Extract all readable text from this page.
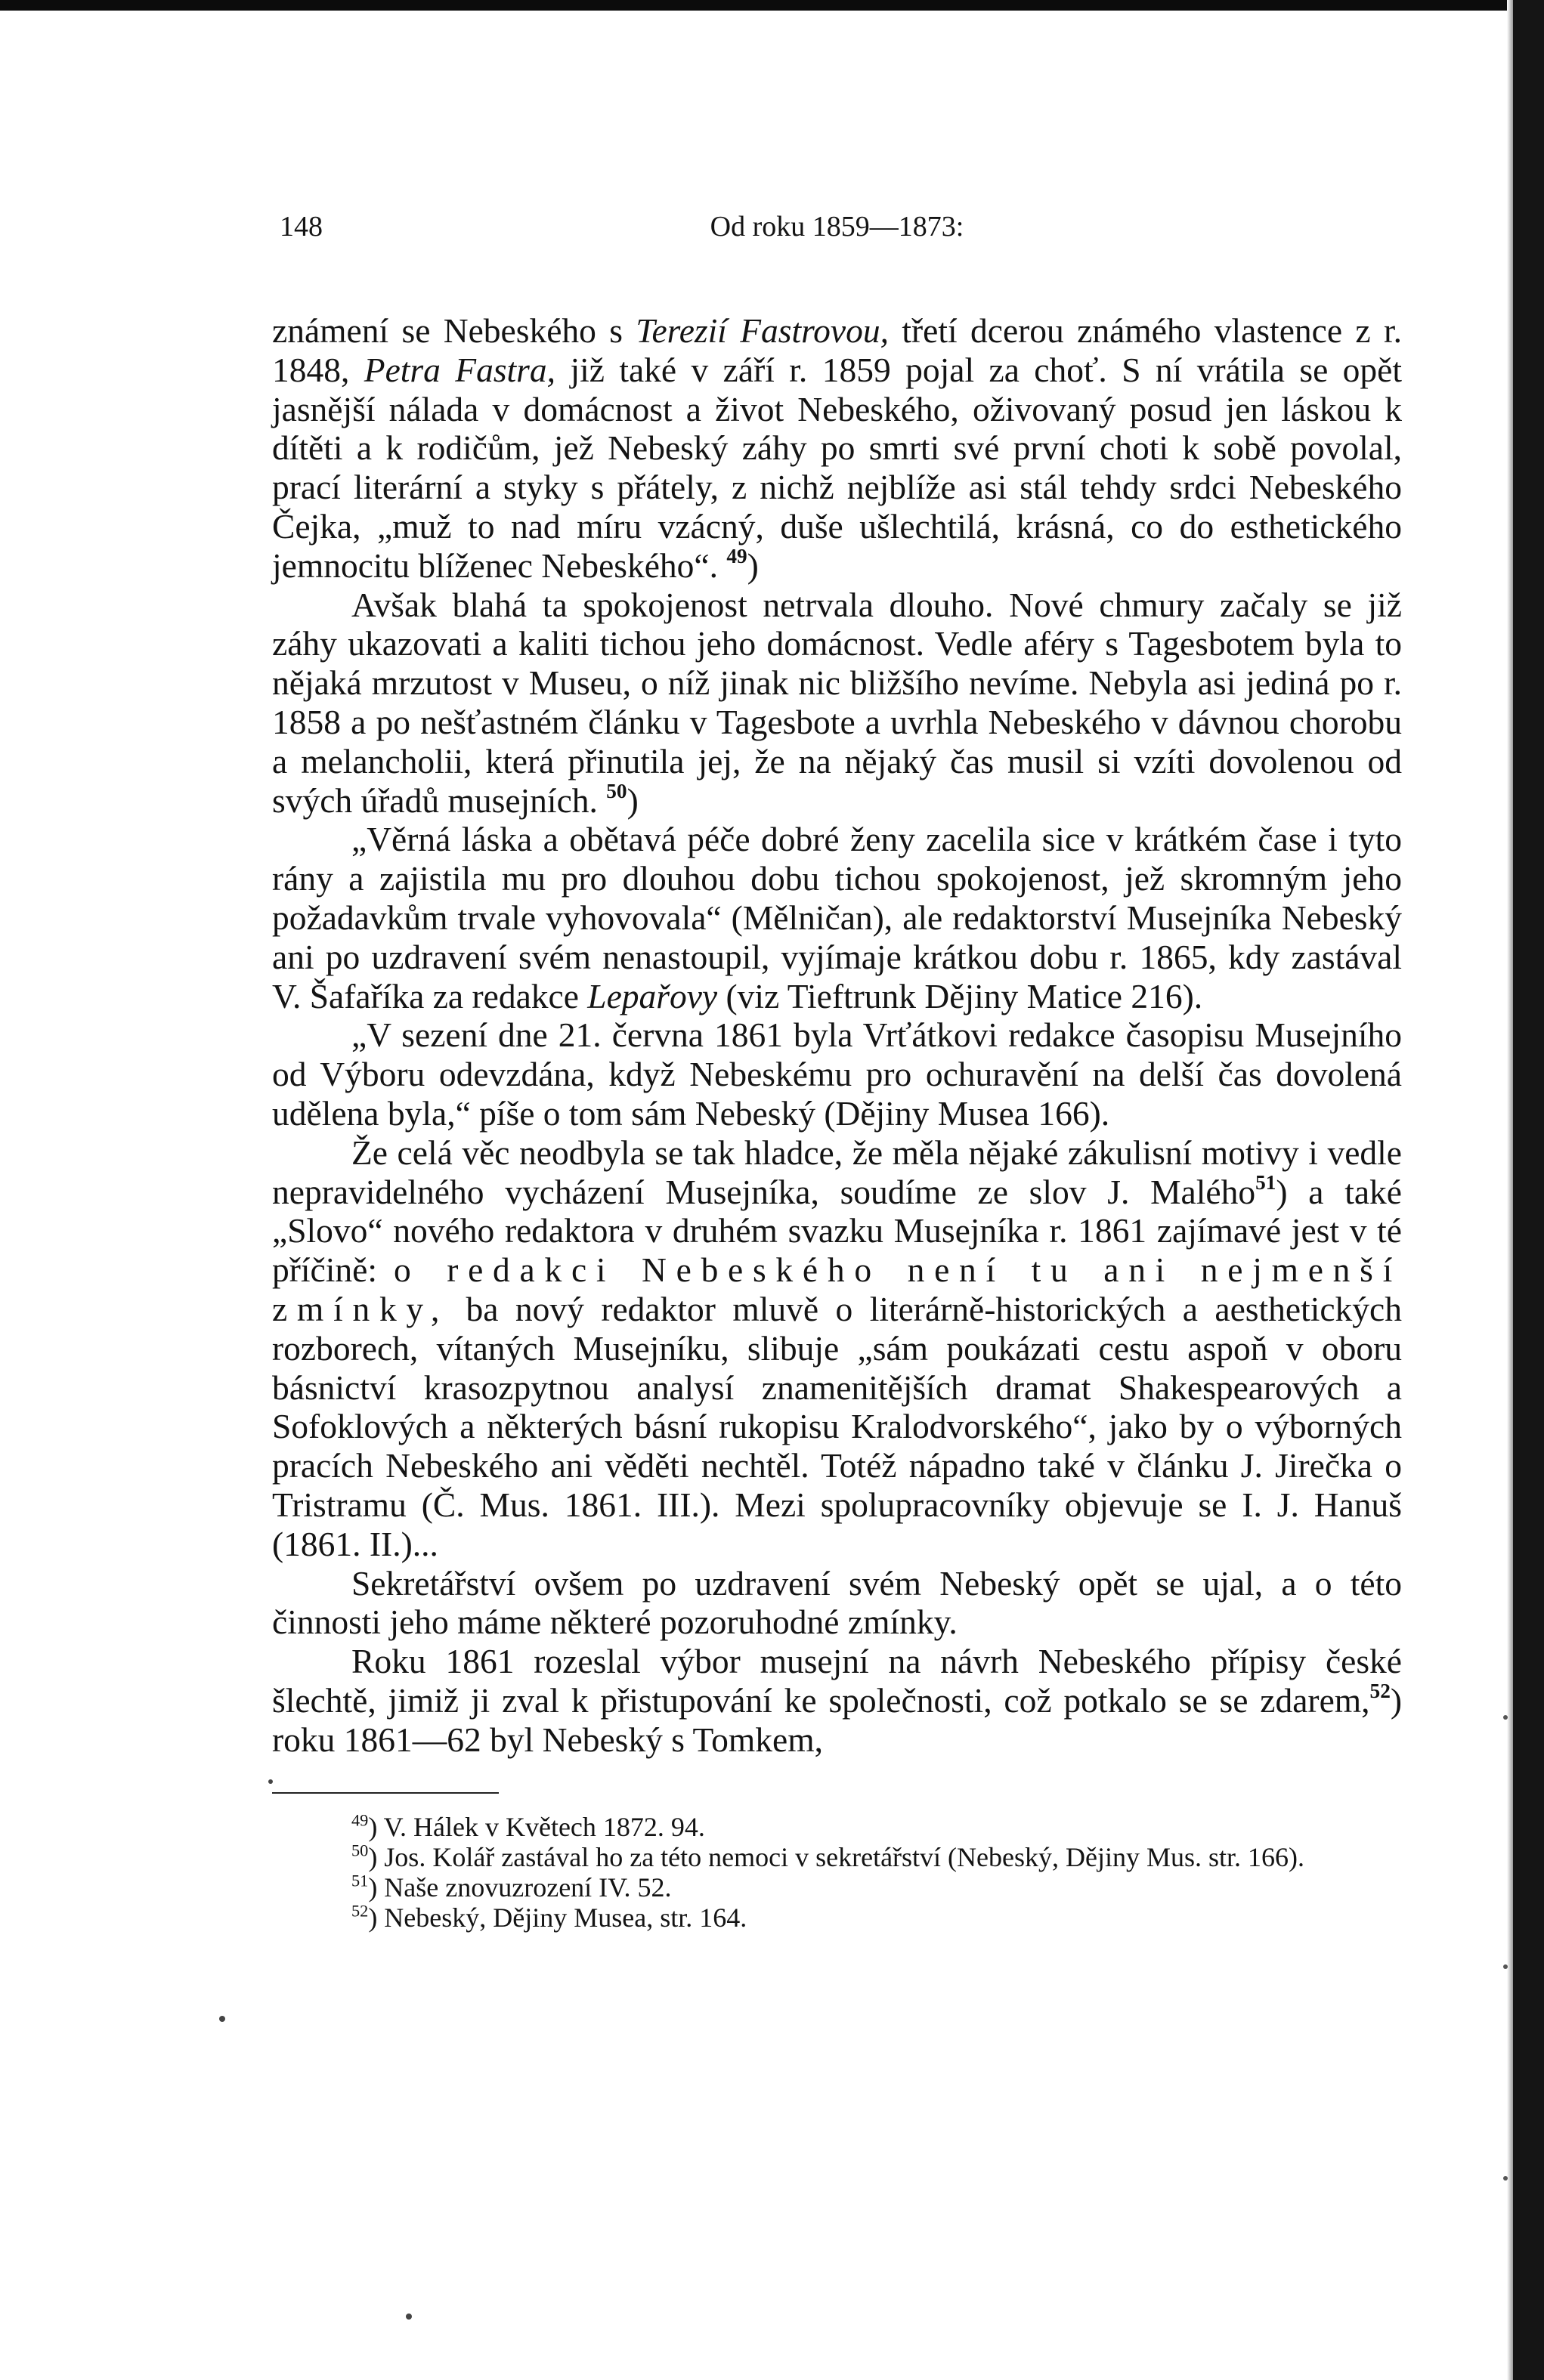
148	Od roku 1859—1873:

známení se Nebeského s Terezií Fastrovou, třetí dcerou známého vlastence z r. 1848, Petra Fastra, již také v září r. 1859 pojal za choť. S ní vrátila se opět jasnější nálada v domácnost a život Nebeského, oživovaný posud jen láskou k dítěti a k rodičům, jež Nebeský záhy po smrti své první choti k sobě povolal, prací literární a styky s přátely, z nichž nejblíže asi stál tehdy srdci Nebeského Čejka, „muž to nad míru vzácný, duše ušlechtilá, krásná, co do esthetického jemnocitu blíženec Nebeského“. $^{49}$)

Avšak blahá ta spokojenost netrvala dlouho. Nové chmury začaly se již záhy ukazovati a kaliti tichou jeho domácnost. Vedle aféry s Tagesbotem byla to nějaká mrzutost v Museu, o níž jinak nic bližšího nevíme. Nebyla asi jediná po r. 1858 a po nešťastném článku v Tagesbote a uvrhla Nebeského v dávnou chorobu a melancholii, která přinutila jej, že na nějaký čas musil si vzíti dovolenou od svých úřadů musejních. $^{50}$)

„Věrná láska a obětavá péče dobré ženy zacelila sice v krátkém čase i tyto rány a zajistila mu pro dlouhou dobu tichou spokojenost, jež skromným jeho požadavkům trvale vyhovovala“ (Mělničan), ale redaktorství Musejníka Nebeský ani po uzdravení svém nenastoupil, vyjímaje krátkou dobu r. 1865, kdy zastával V. Šafaříka za redakce Lepařovy (viz Tieftrunk Dějiny Matice 216).

„V sezení dne 21. června 1861 byla Vrťátkovi redakce časopisu Musejního od Výboru odevzdána, když Nebeskému pro ochuravění na delší čas dovolená udělena byla,“ píše o tom sám Nebeský (Dějiny Musea 166).

Že celá věc neodbyla se tak hladce, že měla nějaké zákulisní motivy i vedle nepravidelného vycházení Musejníka, soudíme ze slov J. Malého$^{51}$) a také „Slovo“ nového redaktora v druhém svazku Musejníka r. 1861 zajímavé jest v té příčině: o redakci Nebeského není tu ani nejmenší zmínky, ba nový redaktor mluvě o literárně-historických a aesthetických rozborech, vítaných Musejníku, slibuje „sám poukázati cestu aspoň v oboru básnictví krasozpytnou analysí znamenitějších dramat Shakespearových a Sofoklových a některých básní rukopisu Kralodvorského“, jako by o výborných pracích Nebeského ani věděti nechtěl. Totéž nápadno také v článku J. Jirečka o Tristramu (Č. Mus. 1861. III.). Mezi spolupracovníky objevuje se I. J. Hanuš (1861. II.)...

Sekretářství ovšem po uzdravení svém Nebeský opět se ujal, a o této činnosti jeho máme některé pozoruhodné zmínky.

Roku 1861 rozeslal výbor musejní na návrh Nebeského přípisy české šlechtě, jimiž ji zval k přistupování ke společnosti, což potkalo se se zdarem,$^{52}$) roku 1861—62 byl Nebeský s Tomkem,

$^{49}$) V. Hálek v Květech 1872. 94.

$^{50}$) Jos. Kolář zastával ho za této nemoci v sekretářství (Nebeský, Dějiny Mus. str. 166).

$^{51}$) Naše znovuzrození IV. 52.

$^{52}$) Nebeský, Dějiny Musea, str. 164.
